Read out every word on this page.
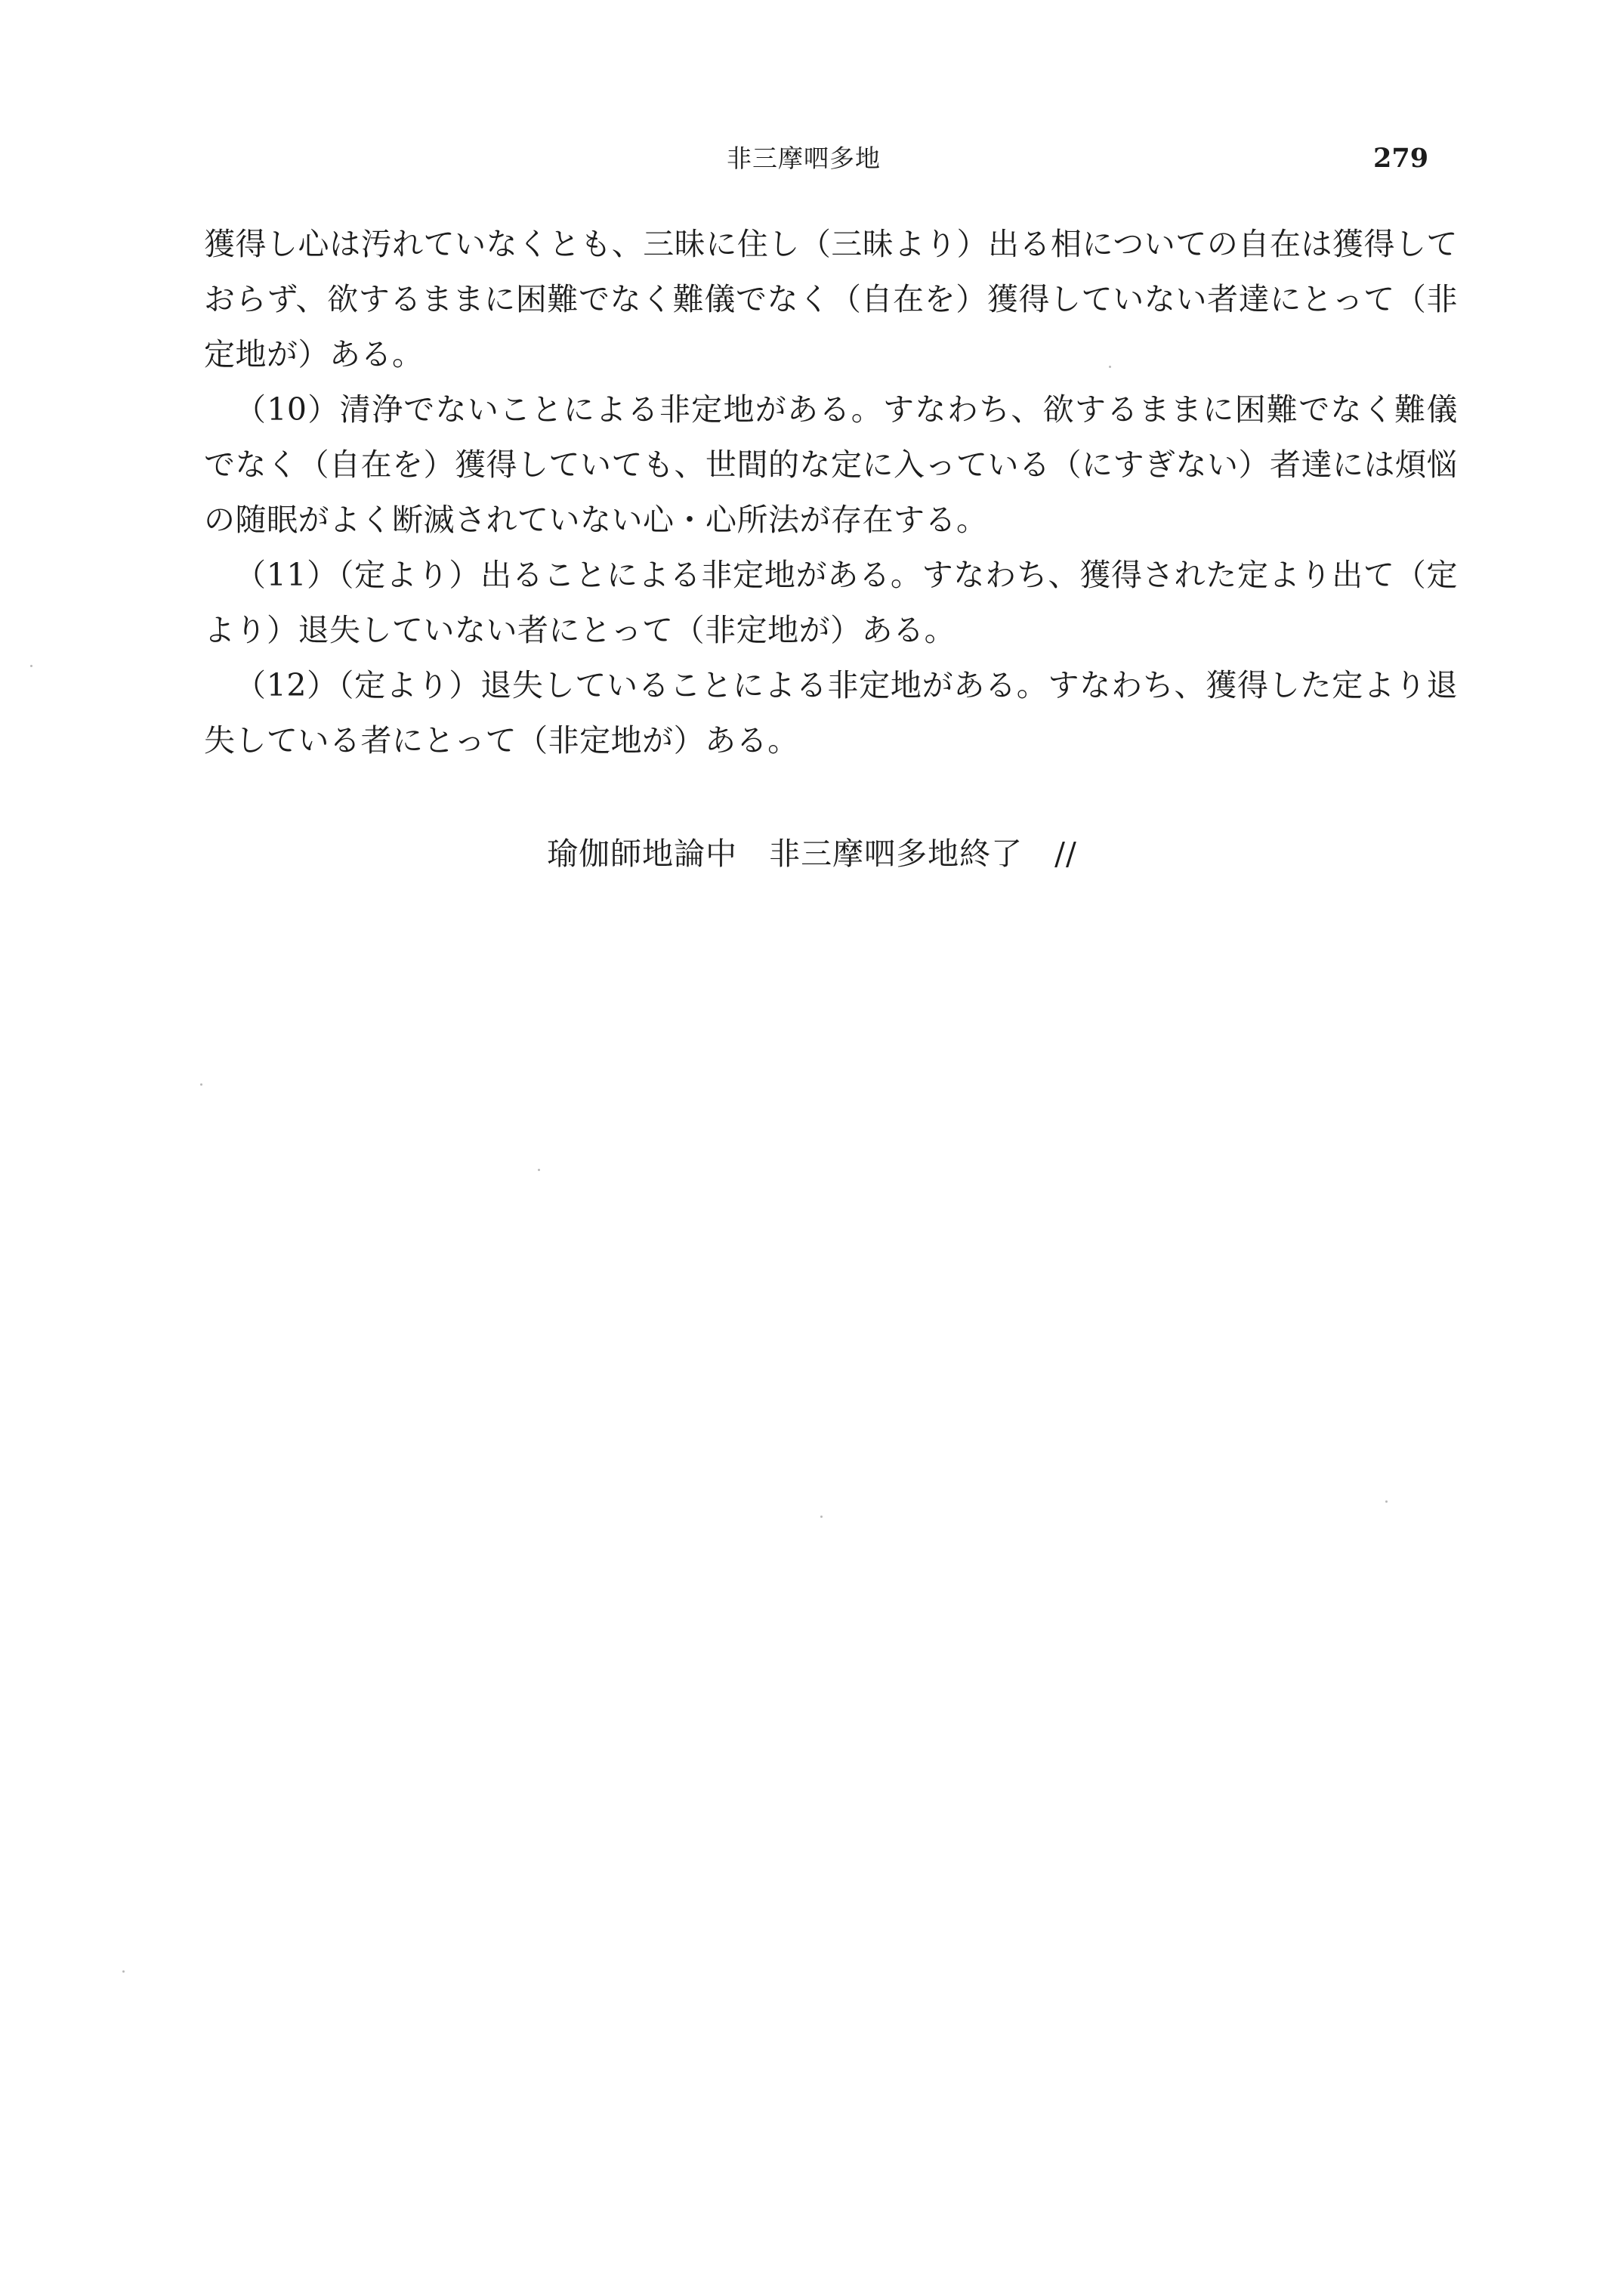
非三摩呬多地	279

獲得し心は汚れていなくとも、三昧に住し（三昧より）出る相についての自在は獲得しておらず、欲するままに困難でなく難儀でなく（自在を）獲得していない者達にとって（非定地が）ある。

（10）清浄でないことによる非定地がある。すなわち、欲するままに困難でなく難儀でなく（自在を）獲得していても、世間的な定に入っている（にすぎない）者達には煩悩の随眠がよく断滅されていない心・心所法が存在する。

（11）（定より）出ることによる非定地がある。すなわち、獲得された定より出て（定より）退失していない者にとって（非定地が）ある。

（12）（定より）退失していることによる非定地がある。すなわち、獲得した定より退失している者にとって（非定地が）ある。

瑜伽師地論中 非三摩呬多地終了 //
